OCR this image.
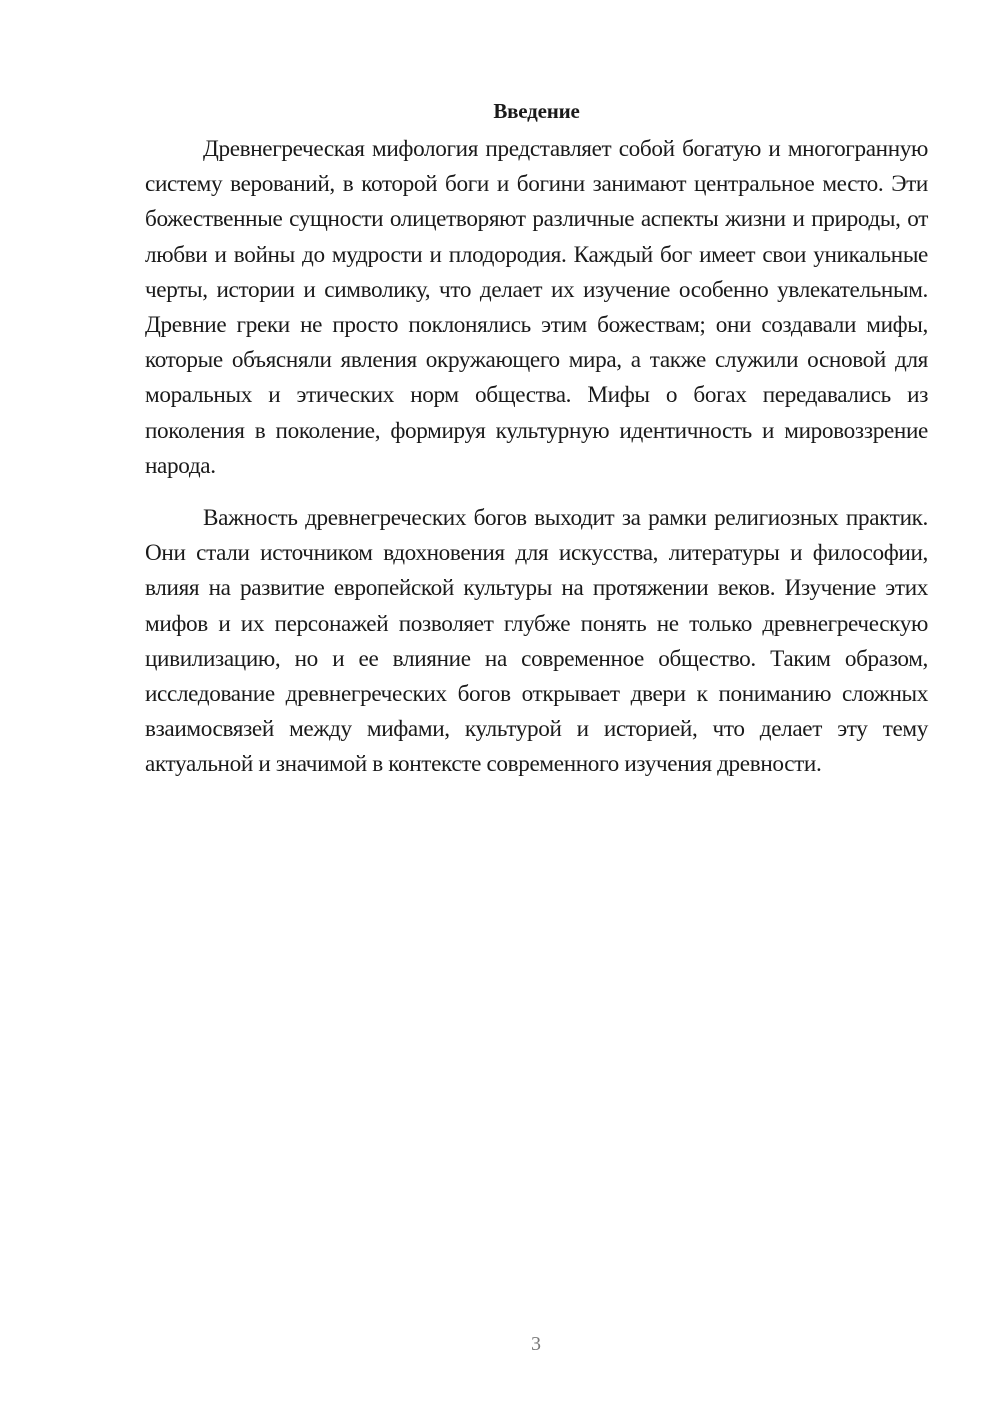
Введение

Древнегреческая мифология представляет собой богатую и многогранную систему верований, в которой боги и богини занимают центральное место. Эти божественные сущности олицетворяют различные аспекты жизни и природы, от любви и войны до мудрости и плодородия. Каждый бог имеет свои уникальные черты, истории и символику, что делает их изучение особенно увлекательным. Древние греки не просто поклонялись этим божествам; они создавали мифы, которые объясняли явления окружающего мира, а также служили основой для моральных и этических норм общества. Мифы о богах передавались из поколения в поколение, формируя культурную идентичность и мировоззрение народа.

Важность древнегреческих богов выходит за рамки религиозных практик. Они стали источником вдохновения для искусства, литературы и философии, влияя на развитие европейской культуры на протяжении веков. Изучение этих мифов и их персонажей позволяет глубже понять не только древнегреческую цивилизацию, но и ее влияние на современное общество. Таким образом, исследование древнегреческих богов открывает двери к пониманию сложных взаимосвязей между мифами, культурой и историей, что делает эту тему актуальной и значимой в контексте современного изучения древности.

3
